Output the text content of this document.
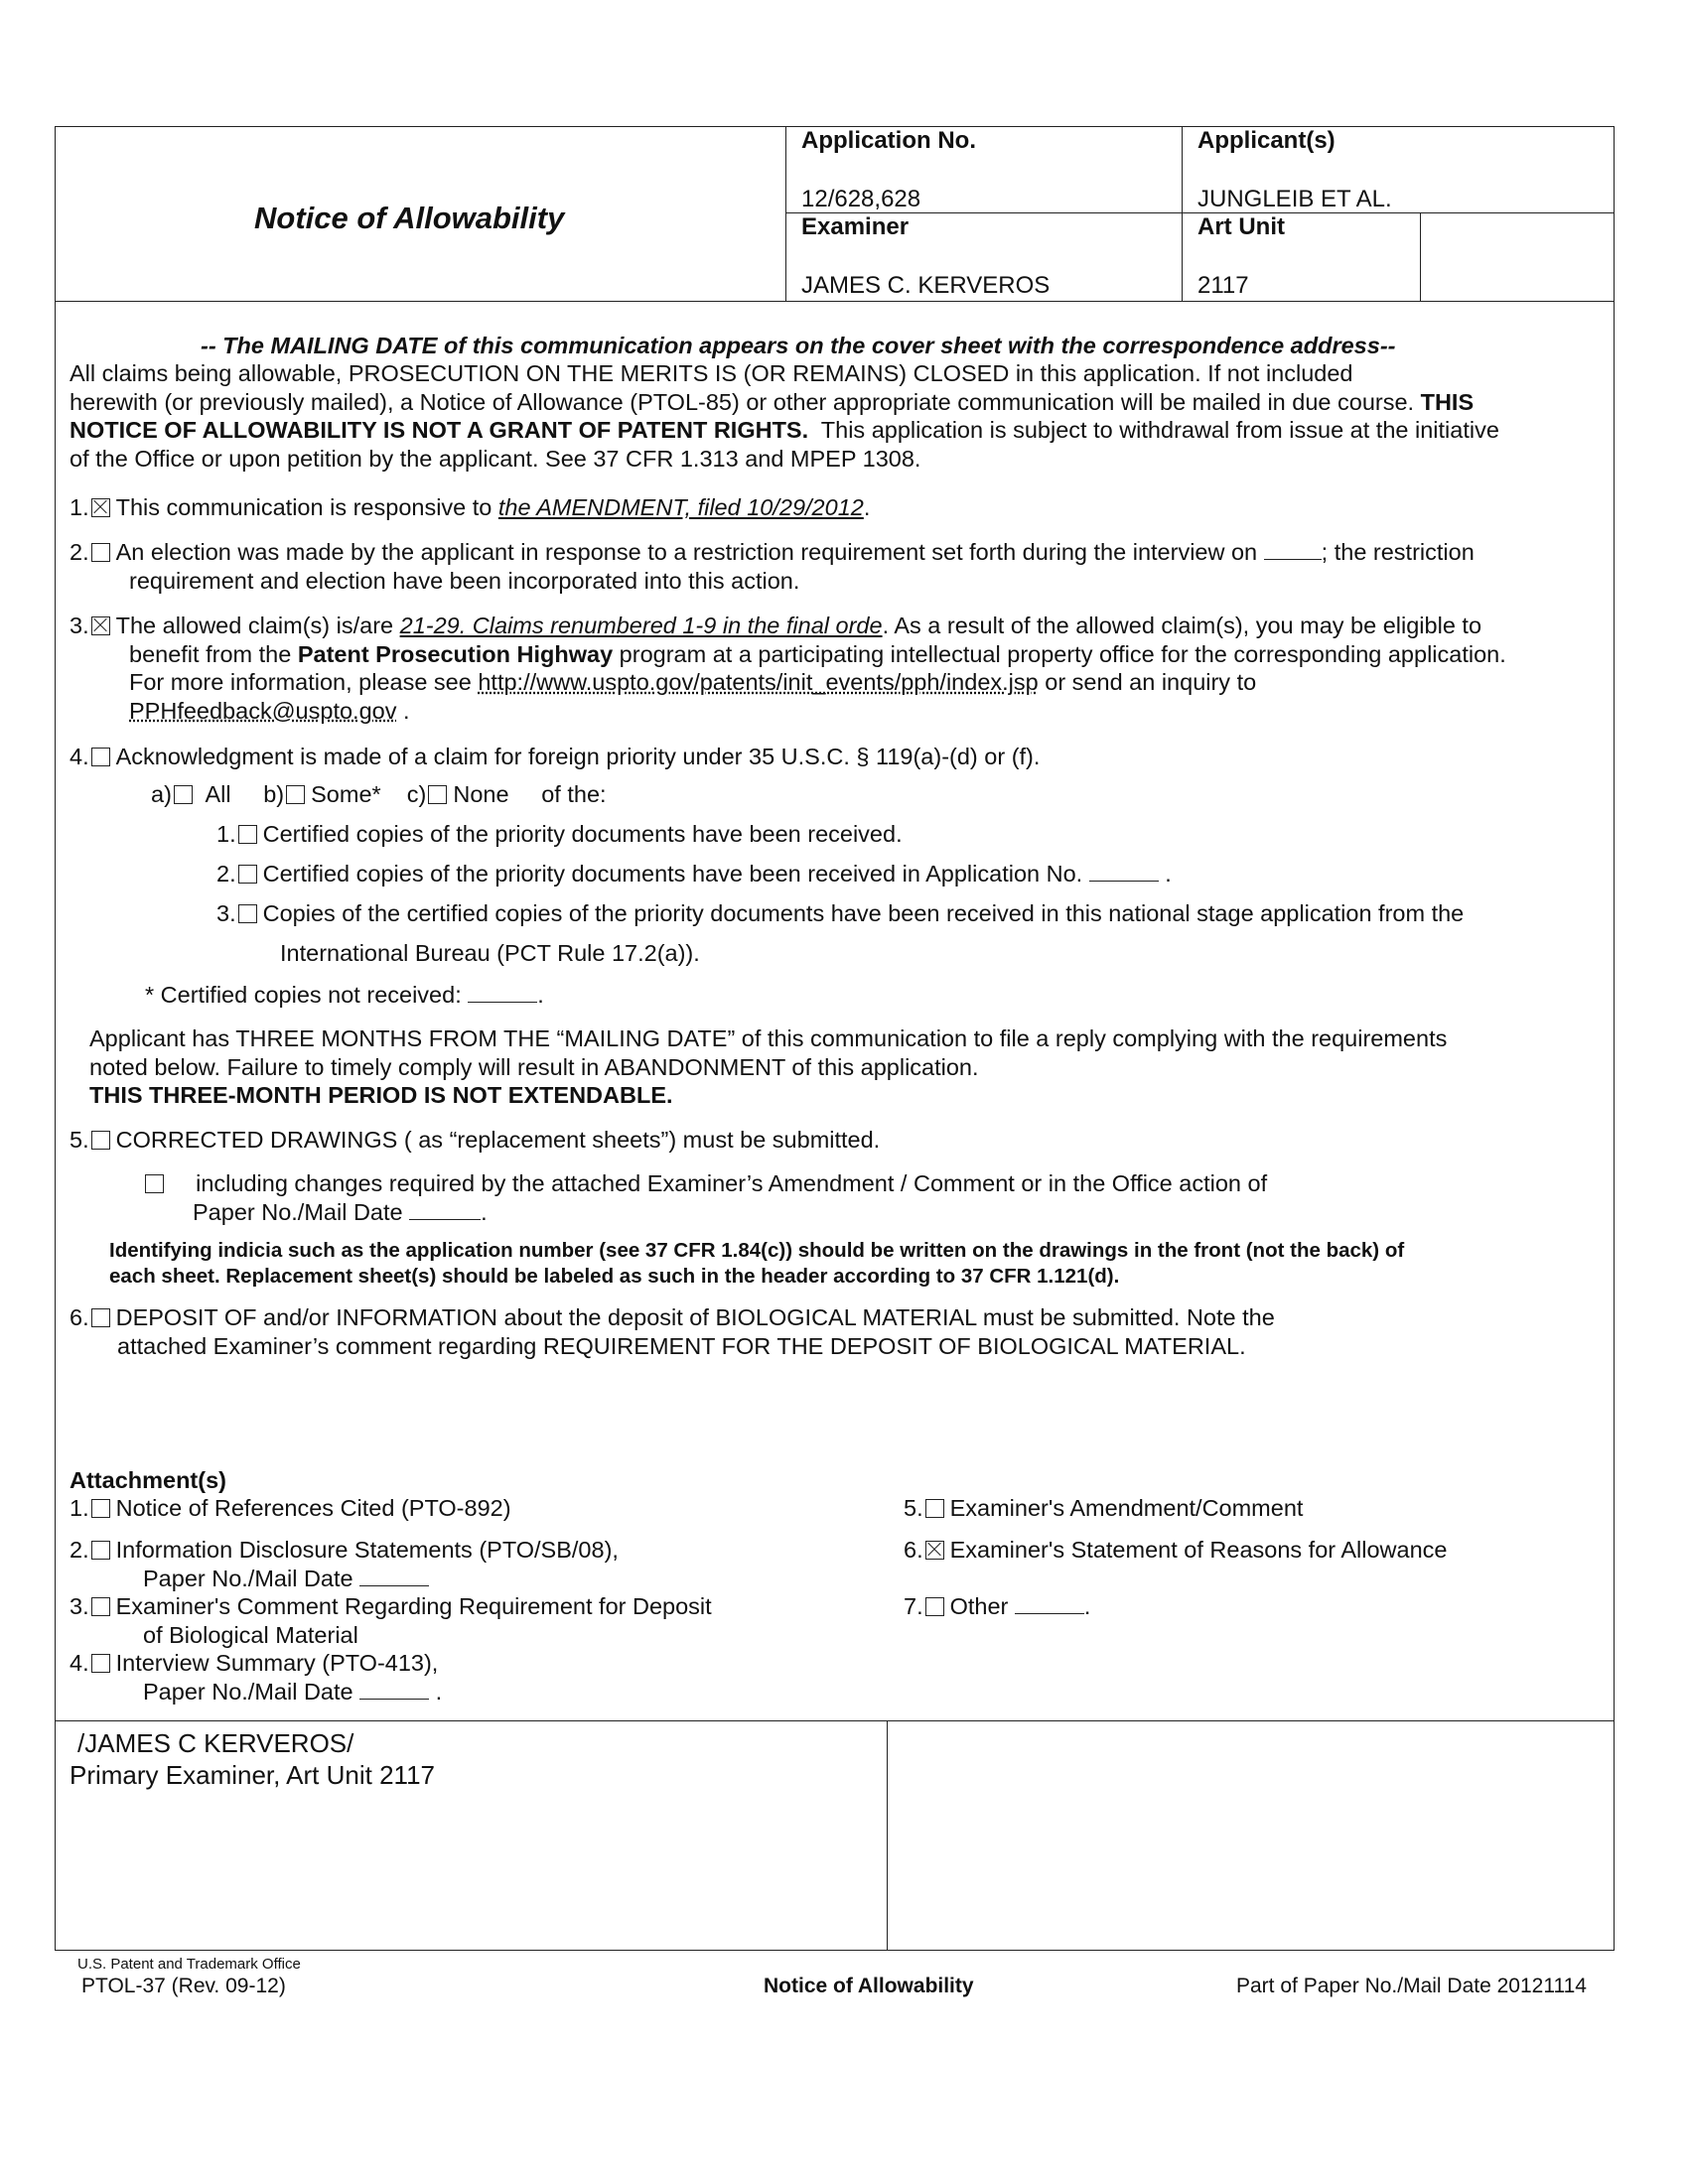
Notice of Allowability
Application No.
12/628,628
Applicant(s)
JUNGLEIB ET AL.
Examiner
JAMES C. KERVEROS
Art Unit
2117
-- The MAILING DATE of this communication appears on the cover sheet with the correspondence address--
All claims being allowable, PROSECUTION ON THE MERITS IS (OR REMAINS) CLOSED in this application. If not included
herewith (or previously mailed), a Notice of Allowance (PTOL-85) or other appropriate communication will be mailed in due course. THIS
NOTICE OF ALLOWABILITY IS NOT A GRANT OF PATENT RIGHTS. This application is subject to withdrawal from issue at the initiative
of the Office or upon petition by the applicant. See 37 CFR 1.313 and MPEP 1308.
1. This communication is responsive to the AMENDMENT, filed 10/29/2012.
2. An election was made by the applicant in response to a restriction requirement set forth during the interview on	; the restriction
requirement and election have been incorporated into this action.
3. The allowed claim(s) is/are 21-29. Claims renumbered 1-9 in the final orde. As a result of the allowed claim(s), you may be eligible to
benefit from the Patent Prosecution Highway program at a participating intellectual property office for the corresponding application.
For more information, please see http://www.uspto.gov/patents/init_events/pph/index.jsp or send an inquiry to
PPHfeedback@uspto.gov .
4. Acknowledgment is made of a claim for foreign priority under 35 U.S.C. § 119(a)-(d) or (f).
a) All b) Some* c) None of the:
1. Certified copies of the priority documents have been received.
2. Certified copies of the priority documents have been received in Application No.	.
3. Copies of the certified copies of the priority documents have been received in this national stage application from the
International Bureau (PCT Rule 17.2(a)).
* Certified copies not received:	.
Applicant has THREE MONTHS FROM THE “MAILING DATE” of this communication to file a reply complying with the requirements
noted below. Failure to timely comply will result in ABANDONMENT of this application.
THIS THREE-MONTH PERIOD IS NOT EXTENDABLE.
5. CORRECTED DRAWINGS ( as “replacement sheets”) must be submitted.
including changes required by the attached Examiner’s Amendment / Comment or in the Office action of
Paper No./Mail Date	.
Identifying indicia such as the application number (see 37 CFR 1.84(c)) should be written on the drawings in the front (not the back) of
each sheet. Replacement sheet(s) should be labeled as such in the header according to 37 CFR 1.121(d).
6. DEPOSIT OF and/or INFORMATION about the deposit of BIOLOGICAL MATERIAL must be submitted. Note the
attached Examiner’s comment regarding REQUIREMENT FOR THE DEPOSIT OF BIOLOGICAL MATERIAL.
Attachment(s)
1. Notice of References Cited (PTO-892)
2. Information Disclosure Statements (PTO/SB/08),
Paper No./Mail Date
3. Examiner's Comment Regarding Requirement for Deposit
of Biological Material
4. Interview Summary (PTO-413),
Paper No./Mail Date	.
5. Examiner's Amendment/Comment
6. Examiner's Statement of Reasons for Allowance
7. Other	.
/JAMES C KERVEROS/
Primary Examiner, Art Unit 2117
U.S. Patent and Trademark Office
PTOL-37 (Rev. 09-12)	Notice of Allowability	Part of Paper No./Mail Date 20121114
